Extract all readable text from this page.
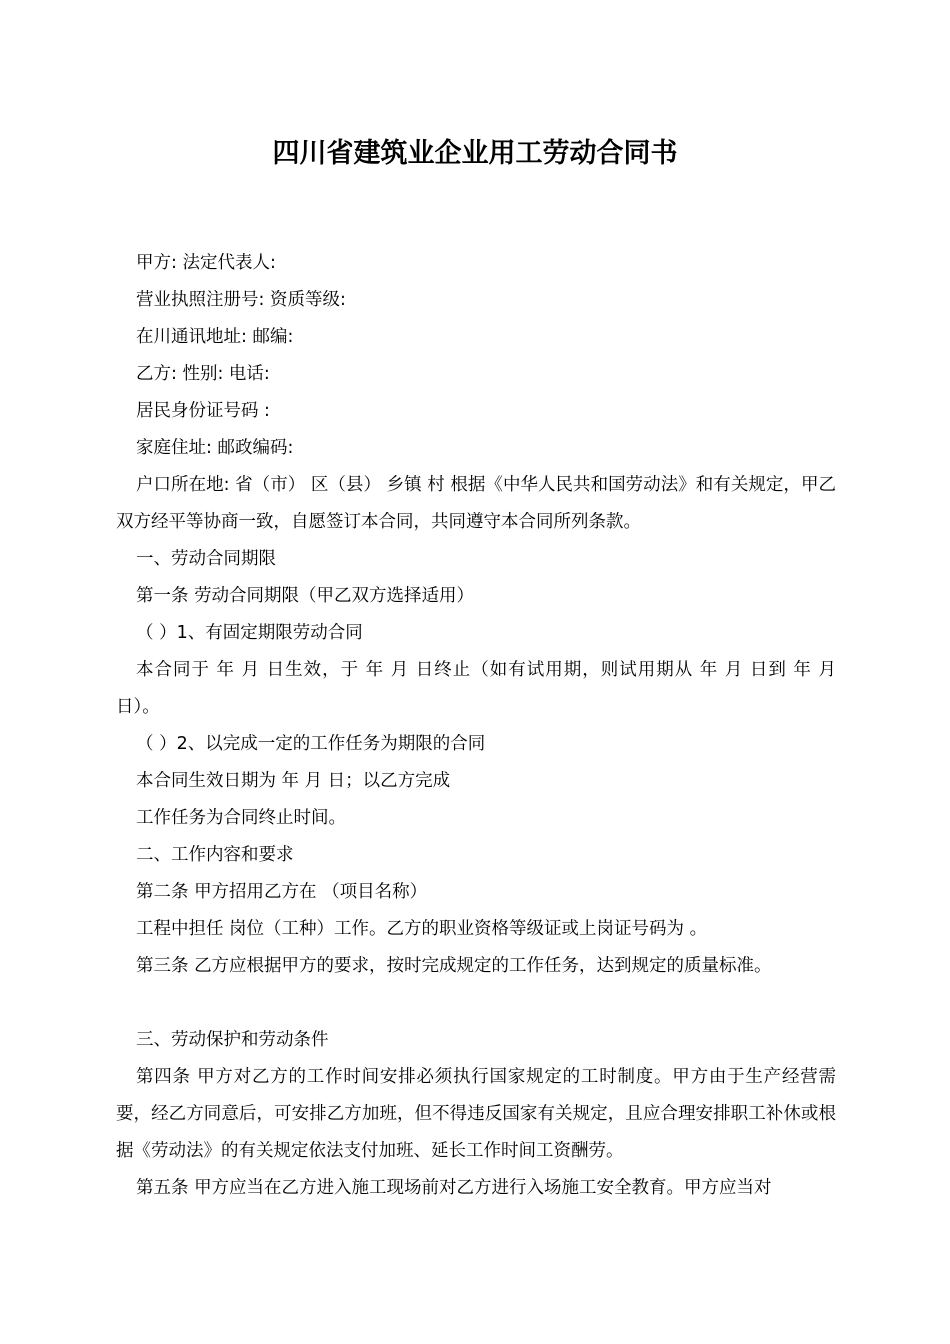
四川省建筑业企业用工劳动合同书

甲方: 法定代表人:

营业执照注册号: 资质等级:

在川通讯地址: 邮编:

乙方: 性别: 电话:

居民身份证号码 :

家庭住址: 邮政编码:

户口所在地: 省（市） 区（县） 乡镇 村 根据《中华人民共和国劳动法》和有关规定，甲乙双方经平等协商一致，自愿签订本合同，共同遵守本合同所列条款。

一、劳动合同期限

第一条 劳动合同期限（甲乙双方选择适用）

（ ）1、有固定期限劳动合同

本合同于 年 月 日生效，于 年 月 日终止（如有试用期，则试用期从 年 月 日到 年 月 日）。

（ ）2、以完成一定的工作任务为期限的合同

本合同生效日期为 年 月 日；以乙方完成

工作任务为合同终止时间。

二、工作内容和要求

第二条 甲方招用乙方在 （项目名称）

工程中担任 岗位（工种）工作。乙方的职业资格等级证或上岗证号码为 。

第三条 乙方应根据甲方的要求，按时完成规定的工作任务，达到规定的质量标准。

三、劳动保护和劳动条件

第四条 甲方对乙方的工作时间安排必须执行国家规定的工时制度。甲方由于生产经营需要，经乙方同意后，可安排乙方加班，但不得违反国家有关规定，且应合理安排职工补休或根据《劳动法》的有关规定依法支付加班、延长工作时间工资酬劳。

第五条 甲方应当在乙方进入施工现场前对乙方进行入场施工安全教育。甲方应当对
